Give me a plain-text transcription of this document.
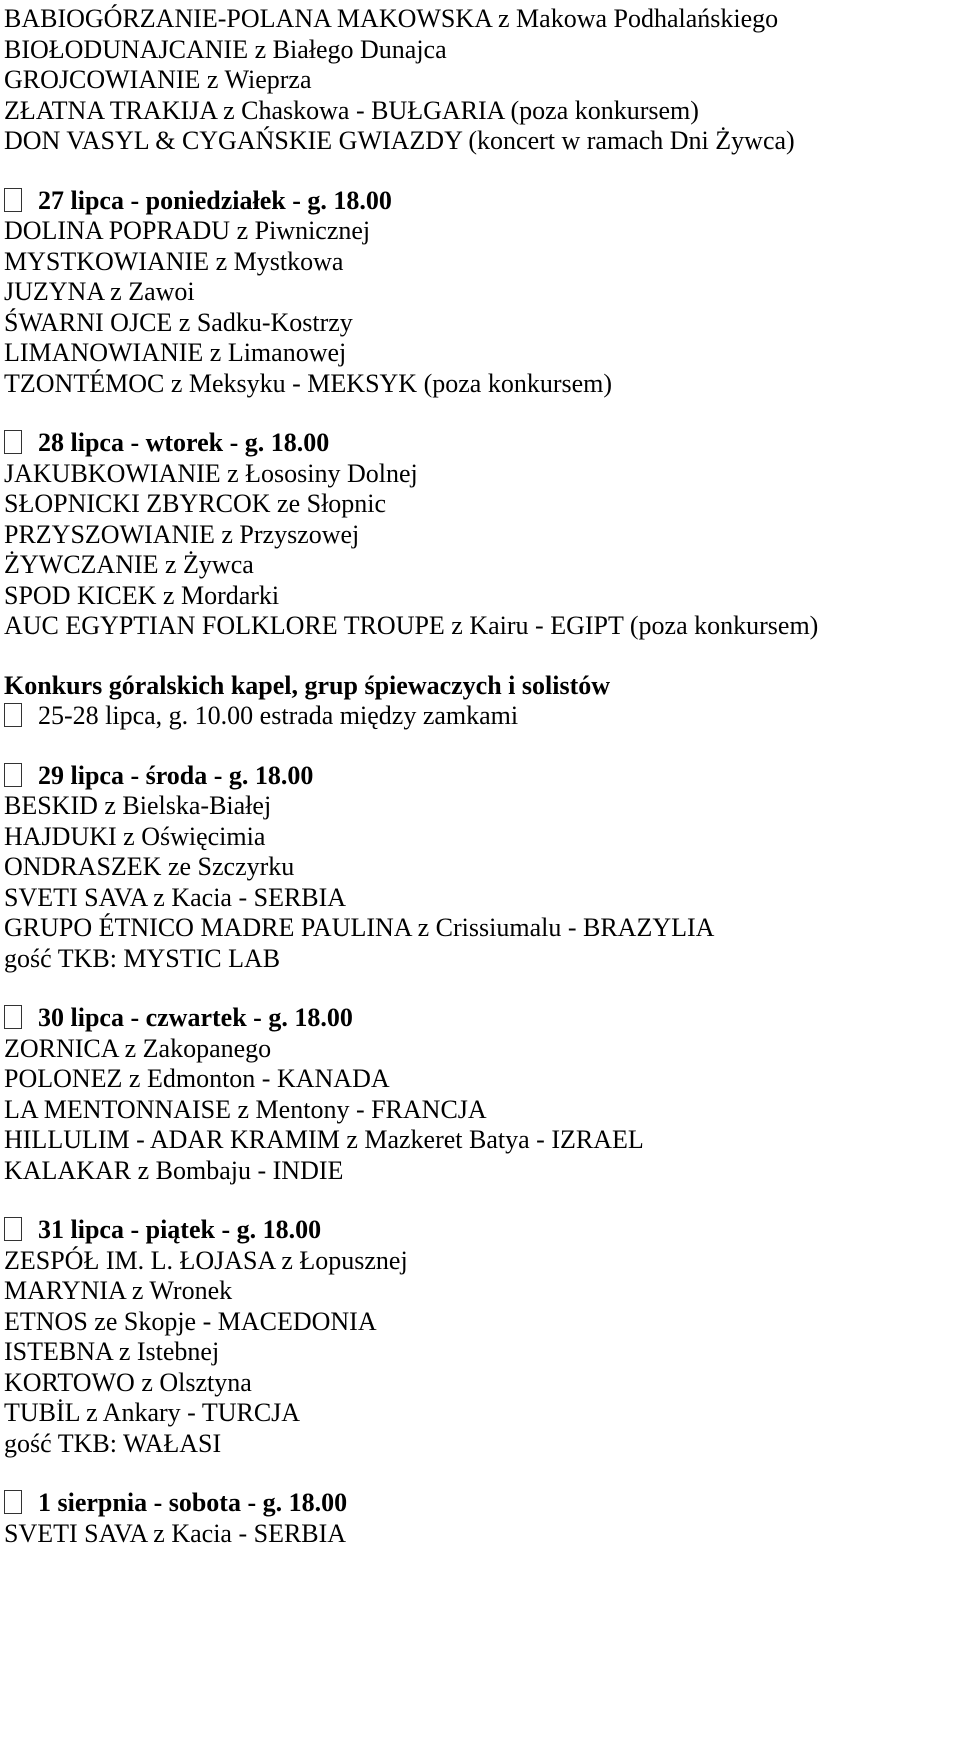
BABIOGÓRZANIE-POLANA MAKOWSKA z Makowa Podhalańskiego
BIOŁODUNAJCANIE z Białego Dunajca
GROJCOWIANIE z Wieprza
ZŁATNA TRAKIJA z Chaskowa - BUŁGARIA (poza konkursem)
DON VASYL & CYGAŃSKIE GWIAZDY (koncert w ramach Dni Żywca)
27 lipca - poniedziałek - g. 18.00
DOLINA POPRADU z Piwnicznej
MYSTKOWIANIE z Mystkowa
JUZYNA z Zawoi
ŚWARNI OJCE z Sadku-Kostrzy
LIMANOWIANIE z Limanowej
TZONTÉMOC z Meksyku - MEKSYK (poza konkursem)
28 lipca - wtorek - g. 18.00
JAKUBKOWIANIE z Łososiny Dolnej
SŁOPNICKI ZBYRCOK ze Słopnic
PRZYSZOWIANIE z Przyszowej
ŻYWCZANIE z Żywca
SPOD KICEK z Mordarki
AUC EGYPTIAN FOLKLORE TROUPE z Kairu - EGIPT (poza konkursem)
Konkurs góralskich kapel, grup śpiewaczych i solistów
25-28 lipca, g. 10.00 estrada między zamkami
29 lipca - środa - g. 18.00
BESKID z Bielska-Białej
HAJDUKI z Oświęcimia
ONDRASZEK ze Szczyrku
SVETI SAVA z Kacia - SERBIA
GRUPO ÉTNICO MADRE PAULINA z Crissiumalu - BRAZYLIA
gość TKB: MYSTIC LAB
30 lipca - czwartek - g. 18.00
ZORNICA z Zakopanego
POLONEZ z Edmonton - KANADA
LA MENTONNAISE z Mentony - FRANCJA
HILLULIM - ADAR KRAMIM z Mazkeret Batya - IZRAEL
KALAKAR z Bombaju - INDIE
31 lipca - piątek - g. 18.00
ZESPÓŁ IM. L. ŁOJASA z Łopusznej
MARYNIA z Wronek
ETNOS ze Skopje - MACEDONIA
ISTEBNA z Istebnej
KORTOWO z Olsztyna
TUBİL z Ankary - TURCJA
gość TKB: WAŁASI
1 sierpnia - sobota - g. 18.00
SVETI SAVA z Kacia - SERBIA
